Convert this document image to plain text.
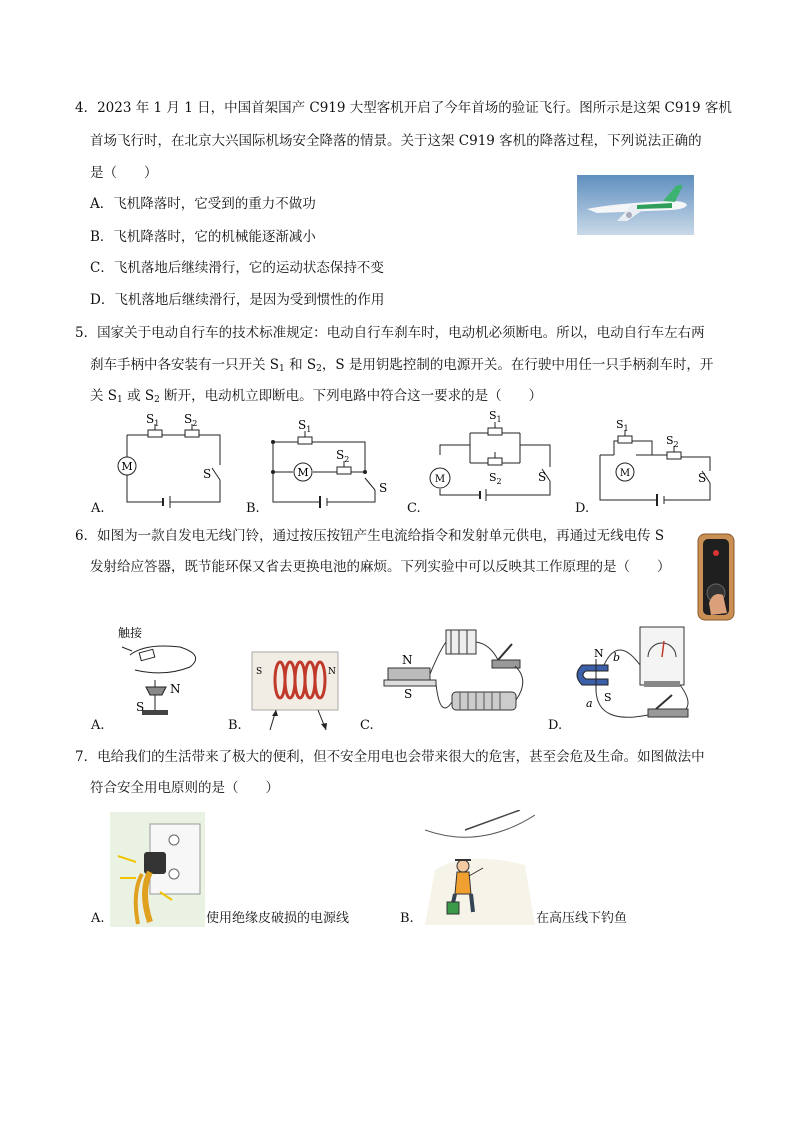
4．2023 年 1 月 1 日，中国首架国产 C919 大型客机开启了今年首场的验证飞行。图所示是这架 C919 客机
首场飞行时，在北京大兴国际机场安全降落的情景。关于这架 C919 客机的降落过程，下列说法正确的
是（　　）
A．飞机降落时，它受到的重力不做功
B．飞机降落时，它的机械能逐渐减小
C．飞机落地后继续滑行，它的运动状态保持不变
D．飞机落地后继续滑行，是因为受到惯性的作用
5．国家关于电动自行车的技术标准规定：电动自行车刹车时，电动机必须断电。所以，电动自行车左右两
刹车手柄中各安装有一只开关 $S_1$ 和 $S_2$，S 是用钥匙控制的电源开关。在行驶中用任一只手柄刹车时，开
关 $S_1$ 或 $S_2$ 断开，电动机立即断电。下列电路中符合这一要求的是（　　）
M
$S_1$ $S_2$
S
A.
M
$S_1$
$S_2$
S
B.
M
$S_1$
$S_2$	S
C.
M
$S_1$
$S_2$
S
D.
6．如图为一款自发电无线门铃，通过按压按钮产生电流给指令和发射单元供电，再通过无线电传 S
发射给应答器，既节能环保又省去更换电池的麻烦。下列实验中可以反映其工作原理的是（　　）
触接
S
N
A.
S	N
B.
N
S
C.
N
S
b
a
D.
7．电给我们的生活带来了极大的便利，但不安全用电也会带来很大的危害，甚至会危及生命。如图做法中
符合安全用电原则的是（　　）
A.	使用绝缘皮破损的电源线	B.	在高压线下钓鱼
